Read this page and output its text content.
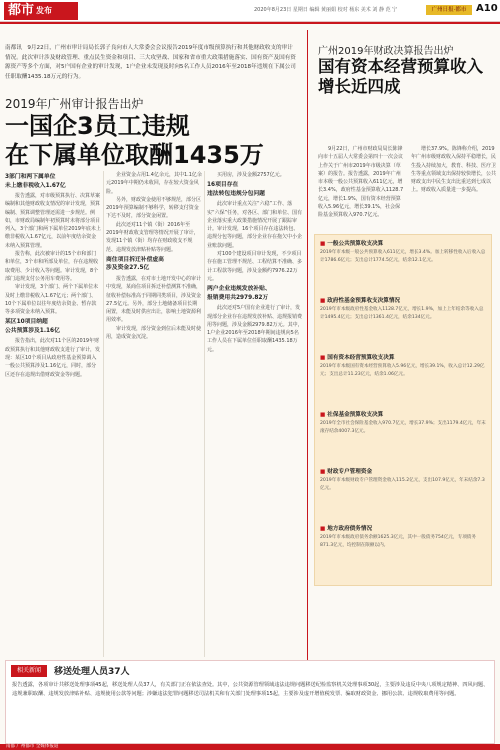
都市 $^{发布}$	2020年8月23日 星期日 编辑 黄丽娟 校对 杨东 美术 刘 静 范 宁	广州日报·都市 A10
南都讯　9月22日，广州市审计局局长郭子良向市人大常委会会议报告2019年度市级预算执行和其他财政收支的审计情况。此次审计涉及财政管理、重点民生资金和项目、三大攻坚战、国家和省市重大政策措施落实、国有资产及国有资源资产等多个方面，对5户国有企业的审计发现，1户企业未发现及时向5名工作人员2016年至2018年违规在下属公司任职取酬1435.18万元的行为。
2019年广州审计报告出炉
一国企3员工违规
在下属单位取酬1435万
3部门和两下属单位
未上缴非税收入1.67亿

报告透露，对市级预算执行、决算草案编制和其他财政收支情况的审计发现，预算编制、预算调整管理还需进一步规范。例如，市财政局编制年初预算时未将部分项目列入，3个部门和两下属单位2019年底未上缴非税收入1.67亿元，以前年度结余资金未纳入预算管理。

报告称，此次被审计的15个市和部门和单位，3个市和所部及单位，存在违规收取费用、少计收入等问题。审计发现，8个部门违规支付公务用车费用等。

审计发现，3个部门、两个下属单位未及时上缴非税收入1.67亿元；两个部门、10个下属单位以往年度结余资金、暂存款等多项资金未纳入预算。

某区10项目纳超
公共预算涉及1.16亿

报告指出，此次对11个区的2019年财政预算执行和其他财政收支进行了审计，发现：某区10个项目从政府性基金预算调入一般公共预算涉及1.16亿元，同时，部分区还存在违规出借财政资金等问题。

企业资金占用1.4亿余元，其中1.1亿余元2019年中期仍未收回，存在较大资金风险。

另外，财政资金使用不够规范，部分区2019年预算编制不够科学，转移支付资金下达不及时，部分资金闲置。

此次还对11个镇（街）2016年至2019年财政收支管理等情况开展了审计，发现11个镇（街）均存在财政收支不规范、违规发放津贴补贴等问题。

商住项目拆迁补偿虚高
涉及资金27.5亿

报告透露，在对市土地开发中心的审计中发现，某商住项目拆迁补偿测算不准确，征收补偿标准高于同期同类项目，涉及资金27.5亿元。另外，部分土地储备项目长期闲置，未能及时供应出让，影响土地资源利用效率。

审计发现，部分资金到位后未能及时使用，造成资金沉淀。

买用房，涉及金额2757亿元。

16项目存在
违法转包违规分包问题

此次审计重点关注“六稳”工作、落实“六保”任务，对各区、部门和单位、国有企业落实重大政策措施情况开展了跟踪审计。审计发现，16个项目存在违法转包、违规分包等问题，部分企业存在拖欠中小企业账款问题。

对100个建设项目审计发现，不少项目存在施工管理不规范、工程结算不准确、多计工程款等问题，涉及金额约7976.22万元。

两户企业违规发放补贴、
报销费用共2979.82万

此次还对5户国有企业进行了审计，发现部分企业存在违规发放补贴、违规报销费用等问题，涉及金额2979.82万元。其中，1户企业2016年至2018年期间违规向5名工作人员在下属单位任职取酬1435.18万元。

广州2019年财政决算报告出炉
国有资本经营预算收入
增长近四成

9月22日，广州市财政局局长陈锋向市十五届人大常委会第四十一次会议上作关于广州市2019年市级决算（草案）的报告。报告透露，2019年广州市本级一般公共预算收入611亿元，增长3.4%，政府性基金预算收入1128.7亿元，增长1.9%，国有资本经营预算收入5.96亿元，增长39.1%，社会保险基金预算收入970.7亿元。

增长37.9%。陈锋称介绍，2019年广州市级财政收入保持平稳增长，民生投入持续加大，教育、科技、医疗卫生等重点领域支出保持较快增长，公共财政支出中民生支出比重达到七成以上。财政收入质量进一步提高。

■ 一般公共预算收支决算

2019年市本级一般公共预算收入611亿元，增长3.4%。加上转移性收入后收入总计1786.6亿元；支出总计1774.5亿元，结余12.1亿元。

■ 政府性基金预算收支决算情况

2019年市本级政府性基金收入1128.7亿元，增长1.9%，加上上年结余等收入总计1495.4亿元；支出总计1361.4亿元，结余134亿元。

■ 国有资本经营预算收支决算

2019年市本级国有资本经营预算收入5.96亿元，增长39.1%，收入总计12.29亿元；支出总计11.23亿元，结余1.06亿元。

■ 社保基金预算收支决算

2019年全市社会保险基金收入970.7亿元，增长37.9%；支出1179.4亿元，年末滚存结余4007.3亿元。

■ 财政专户管理资金

2019年市本级财政专户管理资金收入115.2亿元，支出107.9亿元，年末结余7.3亿元。

■ 地方政府债务情况

2019年市本级政府债务余额1625.3亿元，其中一般债务754亿元，专项债务871.3亿元，均控制在限额以内。

相关新闻	移送处理人员37人
报告透露，各项审计共移送处理事项45起，移送处理人员37人，有关部门正在依法查处。其中，公共资源管理领域违法违规问题移送纪检监察机关处理事项30起，主要涉及违反中央八项规定精神、四风问题、违规兼职取酬、违规发放津贴补贴、违规使用公款等问题；涉嫌违法犯罪问题移送司法机关和有关部门处理事项15起，主要涉及虚开增值税发票、骗取财政资金、挪用公款、违规收取费用等问题。
南都 广州都市 全媒体报道
